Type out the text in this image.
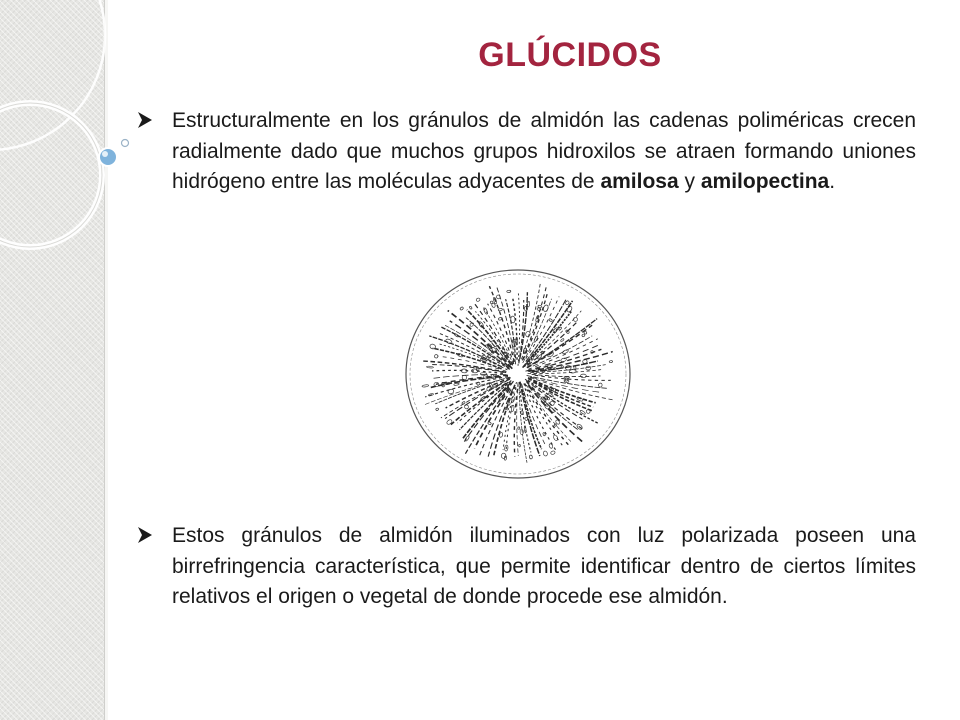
GLÚCIDOS
Estructuralmente en los gránulos de almidón las cadenas poliméricas crecen radialmente dado que muchos grupos hidroxilos se atraen formando uniones hidrógeno entre las moléculas adyacentes de amilosa y amilopectina.
Estos gránulos de almidón iluminados con luz polarizada poseen una birrefringencia característica, que permite identificar dentro de ciertos límites relativos el origen o vegetal de donde procede ese almidón.
